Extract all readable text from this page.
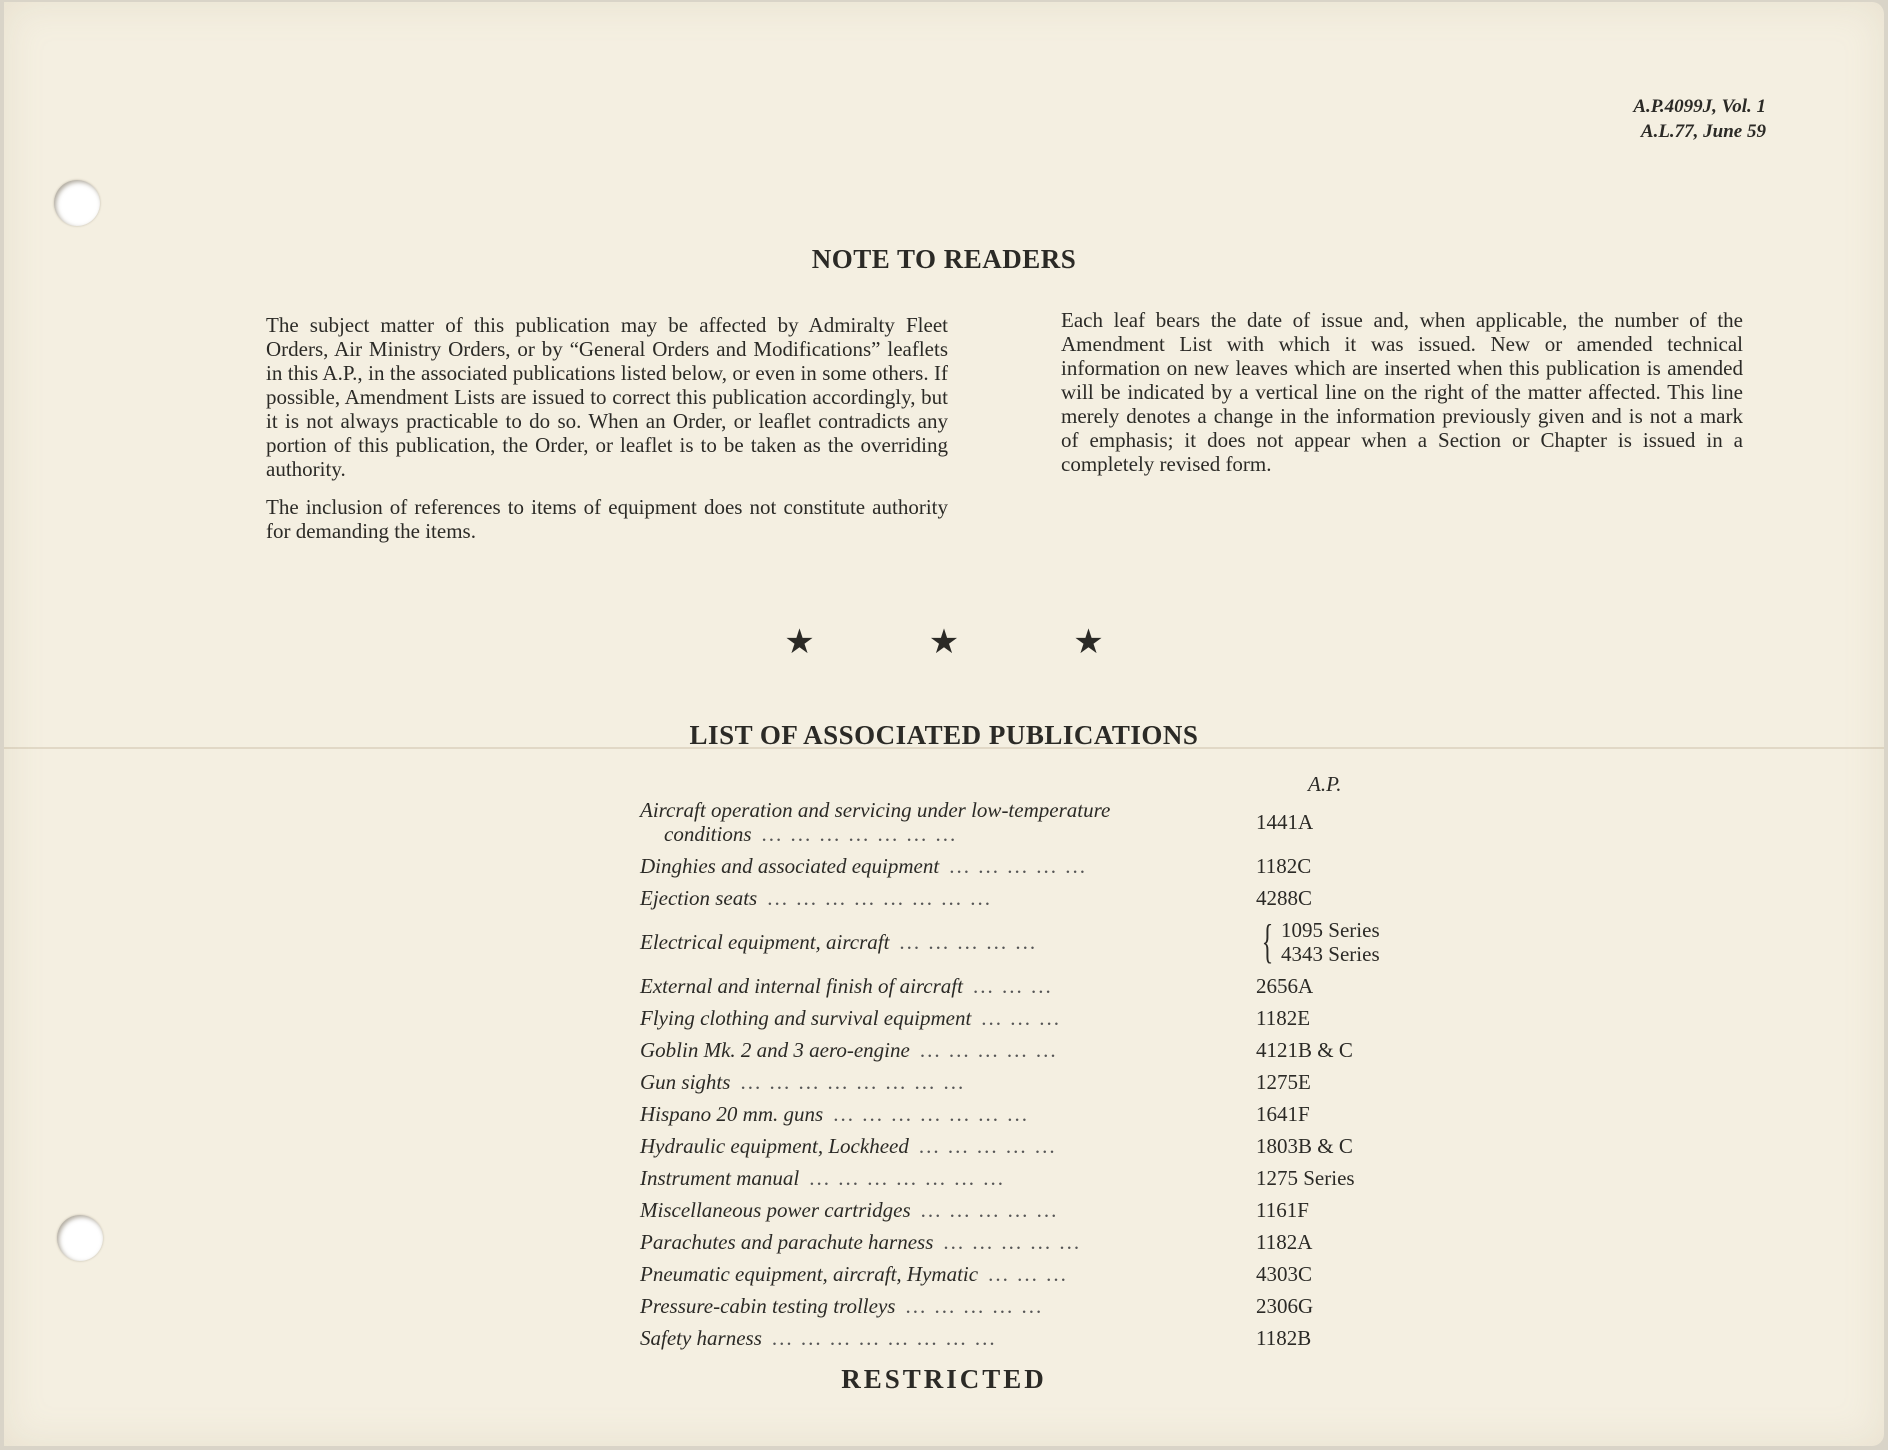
A.P.4099J, Vol. 1
A.L.77, June 59
NOTE TO READERS

The subject matter of this publication may be affected by Admiralty Fleet Orders, Air Ministry Orders, or by “General Orders and Modifications” leaflets in this A.P., in the associated publications listed below, or even in some others. If possible, Amendment Lists are issued to correct this publication accordingly, but it is not always practicable to do so. When an Order, or leaflet contradicts any portion of this publication, the Order, or leaflet is to be taken as the overriding authority.

The inclusion of references to items of equipment does not constitute authority for demanding the items.

Each leaf bears the date of issue and, when applicable, the number of the Amendment List with which it was issued. New or amended technical information on new leaves which are inserted when this publication is amended will be indicated by a vertical line on the right of the matter affected. This line merely denotes a change in the information previously given and is not a mark of emphasis; it does not appear when a Section or Chapter is issued in a completely revised form.

★	★	★
LIST OF ASSOCIATED PUBLICATIONS
A.P.
Aircraft operation and servicing under low-temperature
conditions ... ... ... ... ... ... ...	1441A
Dinghies and associated equipment ... ... ... ... ...	1182C
Ejection seats ... ... ... ... ... ... ... ...	4288C
Electrical equipment, aircraft ... ... ... ... ...	{ 1095 Series
4343 Series
External and internal finish of aircraft ... ... ...	2656A
Flying clothing and survival equipment ... ... ...	1182E
Goblin Mk. 2 and 3 aero-engine ... ... ... ... ...	4121B & C
Gun sights ... ... ... ... ... ... ... ...	1275E
Hispano 20 mm. guns ... ... ... ... ... ... ...	1641F
Hydraulic equipment, Lockheed ... ... ... ... ...	1803B & C
Instrument manual ... ... ... ... ... ... ...	1275 Series
Miscellaneous power cartridges ... ... ... ... ...	1161F
Parachutes and parachute harness ... ... ... ... ...	1182A
Pneumatic equipment, aircraft, Hymatic ... ... ...	4303C
Pressure-cabin testing trolleys ... ... ... ... ...	2306G
Safety harness ... ... ... ... ... ... ... ...	1182B
RESTRICTED
